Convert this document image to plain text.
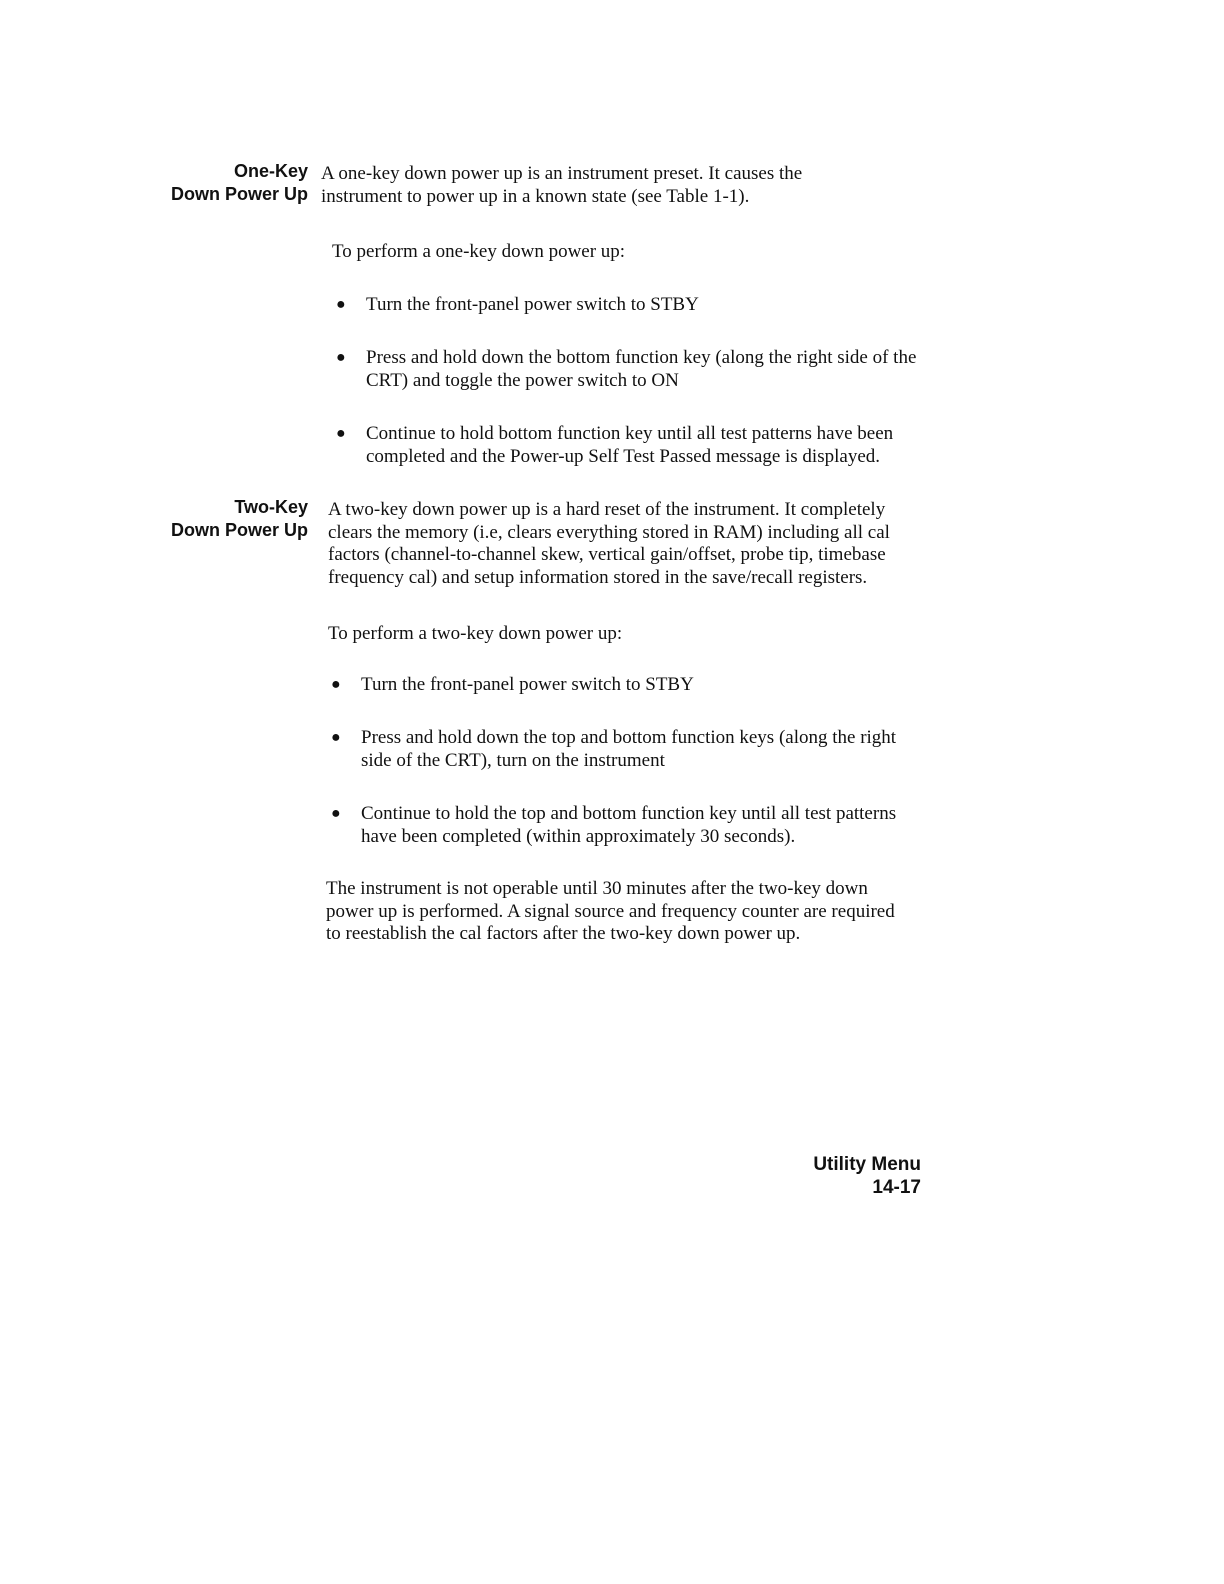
One-Key
Down Power Up

A one-key down power up is an instrument preset. It causes the instrument to power up in a known state (see Table 1-1).

To perform a one-key down power up:

● Turn the front-panel power switch to STBY
● Press and hold down the bottom function key (along the right side of the CRT) and toggle the power switch to ON
● Continue to hold bottom function key until all test patterns have been completed and the Power-up Self Test Passed message is displayed.
Two-Key
Down Power Up

A two-key down power up is a hard reset of the instrument. It completely clears the memory (i.e, clears everything stored in RAM) including all cal factors (channel-to-channel skew, vertical gain/offset, probe tip, timebase frequency cal) and setup information stored in the save/recall registers.

To perform a two-key down power up:

● Turn the front-panel power switch to STBY
● Press and hold down the top and bottom function keys (along the right side of the CRT), turn on the instrument
● Continue to hold the top and bottom function key until all test patterns have been completed (within approximately 30 seconds).

The instrument is not operable until 30 minutes after the two-key down power up is performed. A signal source and frequency counter are required to reestablish the cal factors after the two-key down power up.

Utility Menu
14-17
